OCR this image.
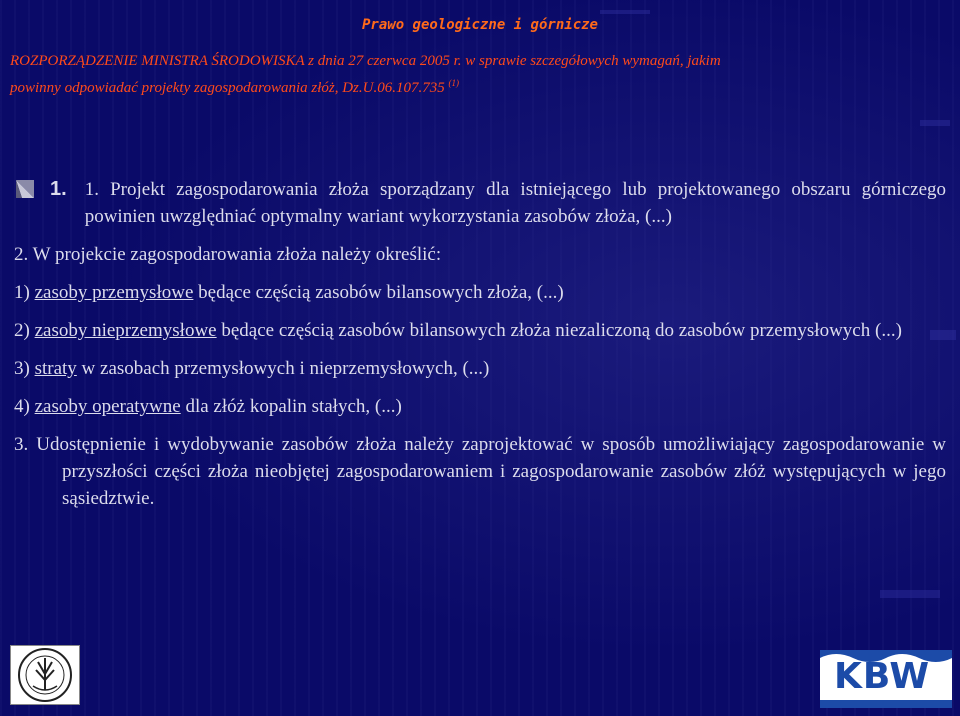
Prawo geologiczne i górnicze

ROZPORZĄDZENIE MINISTRA ŚRODOWISKA z dnia 27 czerwca 2005 r. w sprawie szczegółowych wymagań, jakim
powinny odpowiadać projekty zagospodarowania złóż, Dz.U.06.107.735 $^{(1)}$

1. 1. Projekt zagospodarowania złoża sporządzany dla istniejącego lub projektowanego obszaru górniczego powinien uwzględniać optymalny wariant wykorzystania zasobów złoża, (...)

2. W projekcie zagospodarowania złoża należy określić:

1) zasoby przemysłowe będące częścią zasobów bilansowych złoża, (...)

2) zasoby nieprzemysłowe będące częścią zasobów bilansowych złoża niezaliczoną do zasobów przemysłowych (...)

3) straty w zasobach przemysłowych i nieprzemysłowych, (...)

4) zasoby operatywne dla złóż kopalin stałych, (...)

3. Udostępnienie i wydobywanie zasobów złoża należy zaprojektować w sposób umożliwiający zagospodarowanie w przyszłości części złoża nieobjętej zagospodarowaniem i zagospodarowanie zasobów złóż występujących w jego sąsiedztwie.

KBW
